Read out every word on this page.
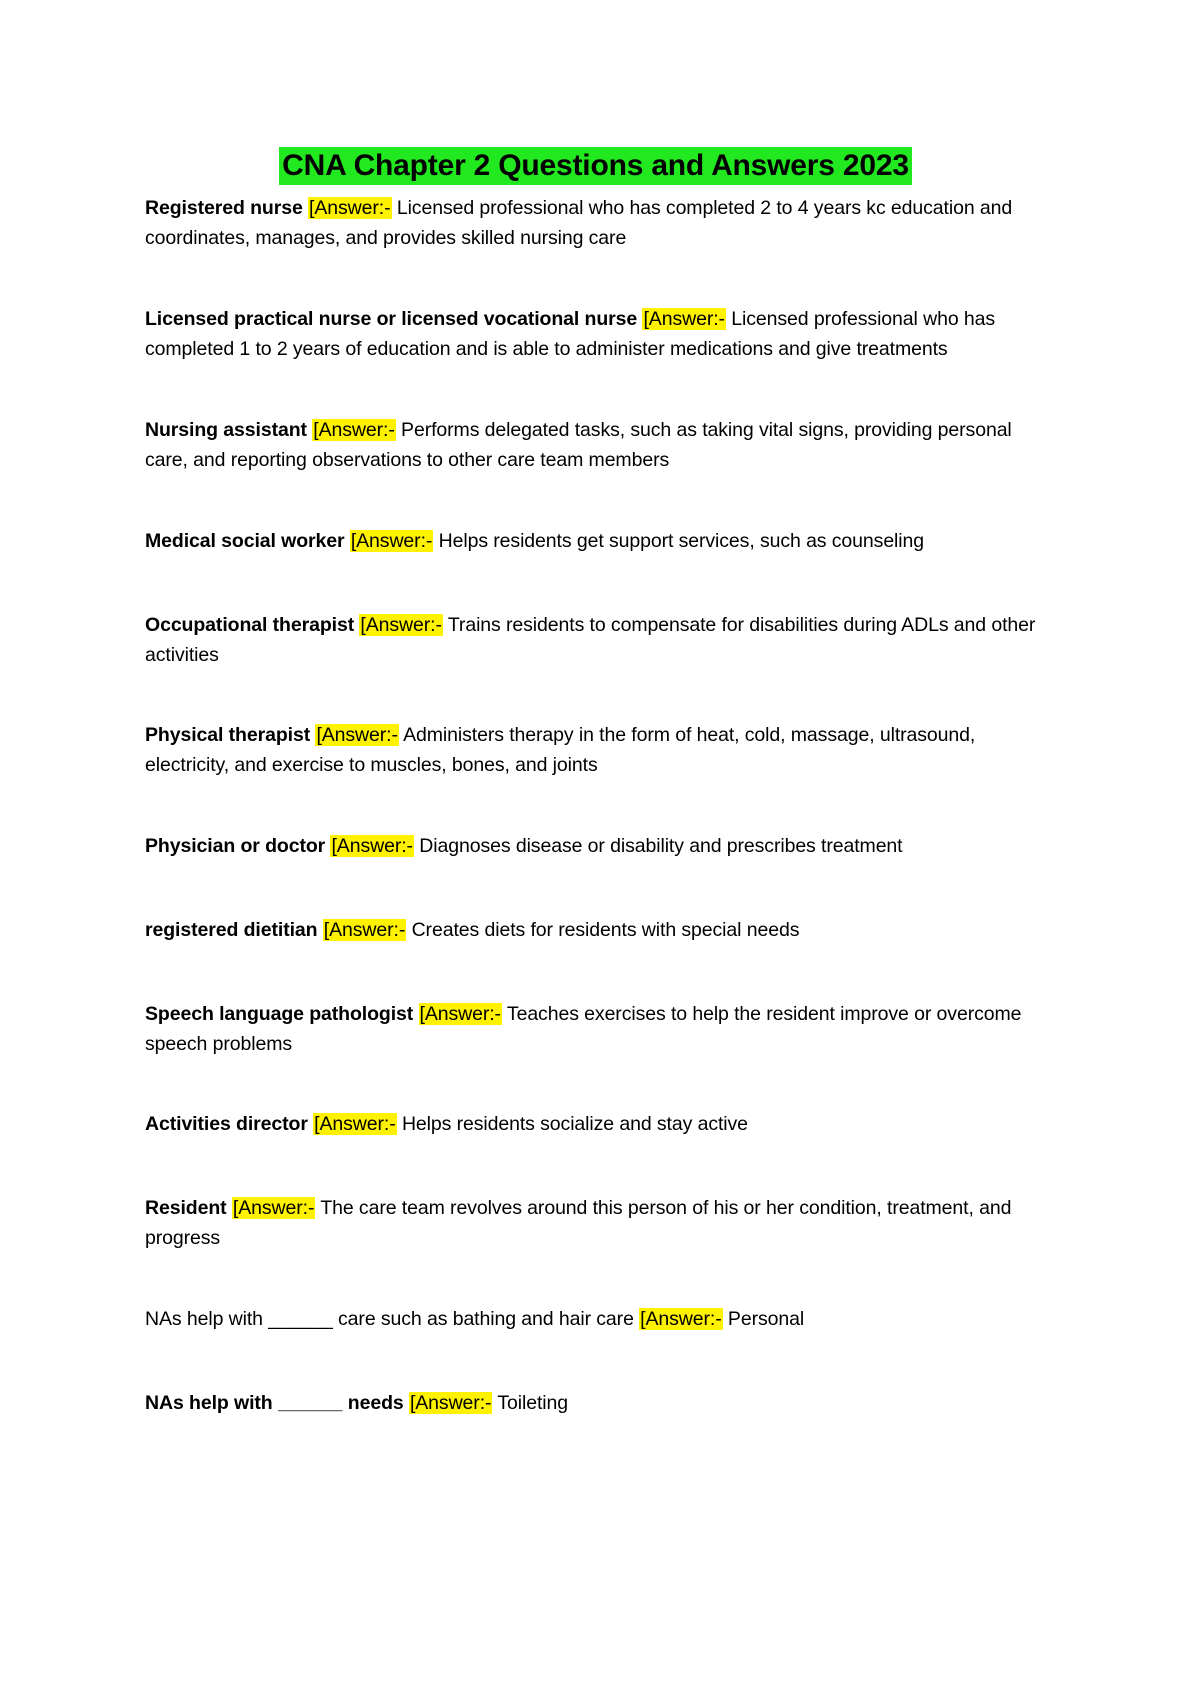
CNA Chapter 2 Questions and Answers 2023
Registered nurse [Answer:- Licensed professional who has completed 2 to 4 years kc education and coordinates, manages, and provides skilled nursing care
Licensed practical nurse or licensed vocational nurse [Answer:- Licensed professional who has completed 1 to 2 years of education and is able to administer medications and give treatments
Nursing assistant [Answer:- Performs delegated tasks, such as taking vital signs, providing personal care, and reporting observations to other care team members
Medical social worker [Answer:- Helps residents get support services, such as counseling
Occupational therapist [Answer:- Trains residents to compensate for disabilities during ADLs and other activities
Physical therapist [Answer:- Administers therapy in the form of heat, cold, massage, ultrasound, electricity, and exercise to muscles, bones, and joints
Physician or doctor [Answer:- Diagnoses disease or disability and prescribes treatment
registered dietitian [Answer:- Creates diets for residents with special needs
Speech language pathologist [Answer:- Teaches exercises to help the resident improve or overcome speech problems
Activities director [Answer:- Helps residents socialize and stay active
Resident [Answer:- The care team revolves around this person of his or her condition, treatment, and progress
NAs help with ______ care such as bathing and hair care [Answer:- Personal
NAs help with ______ needs [Answer:- Toileting
